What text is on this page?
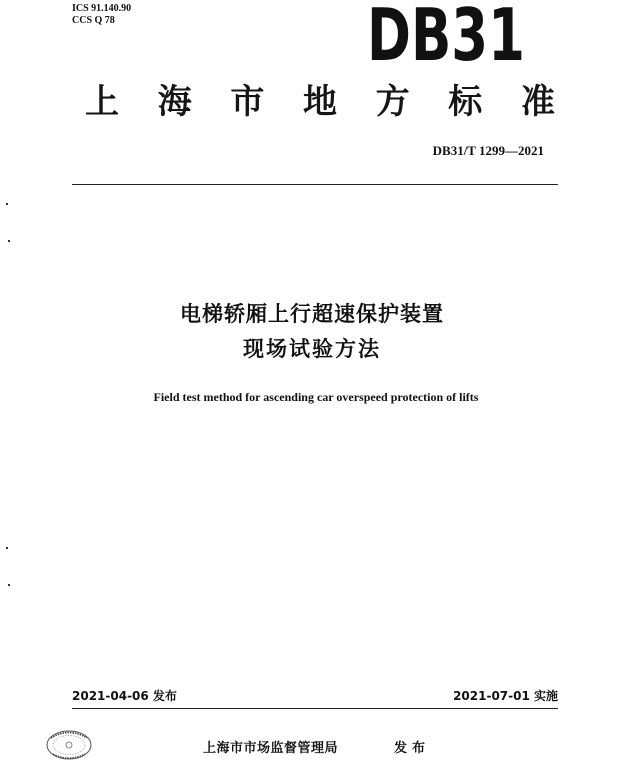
ICS 91.140.90
CCS Q 78	DB31
上 海 市 地 方 标 准
DB31/T 1299—2021
电梯轿厢上行超速保护装置
现场试验方法
Field test method for ascending car overspeed protection of lifts
2021-04-06 发布	2021-07-01 实施
上海市市场监督管理局	发布
